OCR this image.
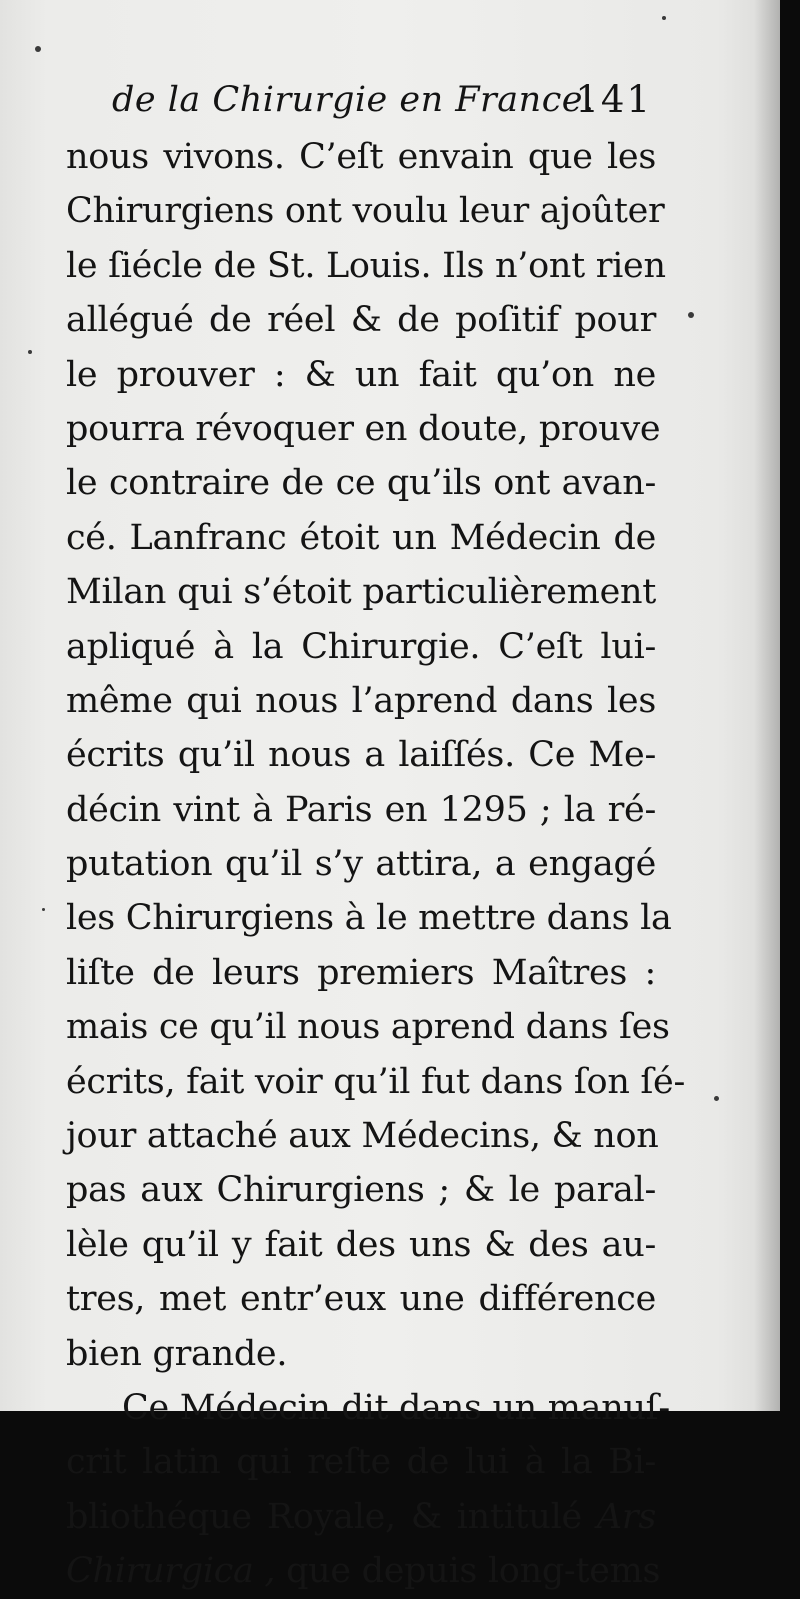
de la Chirurgie en France.
141
nous vivons. C’eſt envain que les
Chirurgiens ont voulu leur ajoûter
le ſiécle de St. Louis. Ils n’ont rien
allégué de réel & de poſitif pour
le prouver : & un fait qu’on ne
pourra révoquer en doute, prouve
le contraire de ce qu’ils ont avan-
cé. Lanfranc étoit un Médecin de
Milan qui s’étoit particulièrement
apliqué à la Chirurgie. C’eſt lui-
même qui nous l’aprend dans les
écrits qu’il nous a laiſſés. Ce Me-
décin vint à Paris en 1295 ; la ré-
putation qu’il s’y attira, a engagé
les Chirurgiens à le mettre dans la
liſte de leurs premiers Maîtres :
mais ce qu’il nous aprend dans ſes
écrits, fait voir qu’il fut dans ſon ſé-
jour attaché aux Médecins, & non
pas aux Chirurgiens ; & le paral-
lèle qu’il y fait des uns & des au-
tres, met entr’eux une différence
bien grande.
Ce Médecin dit dans un manuſ-
crit latin qui reſte de lui à la Bi-
bliothéque Royale, & intitulé Ars
Chirurgica , que depuis long-tems
